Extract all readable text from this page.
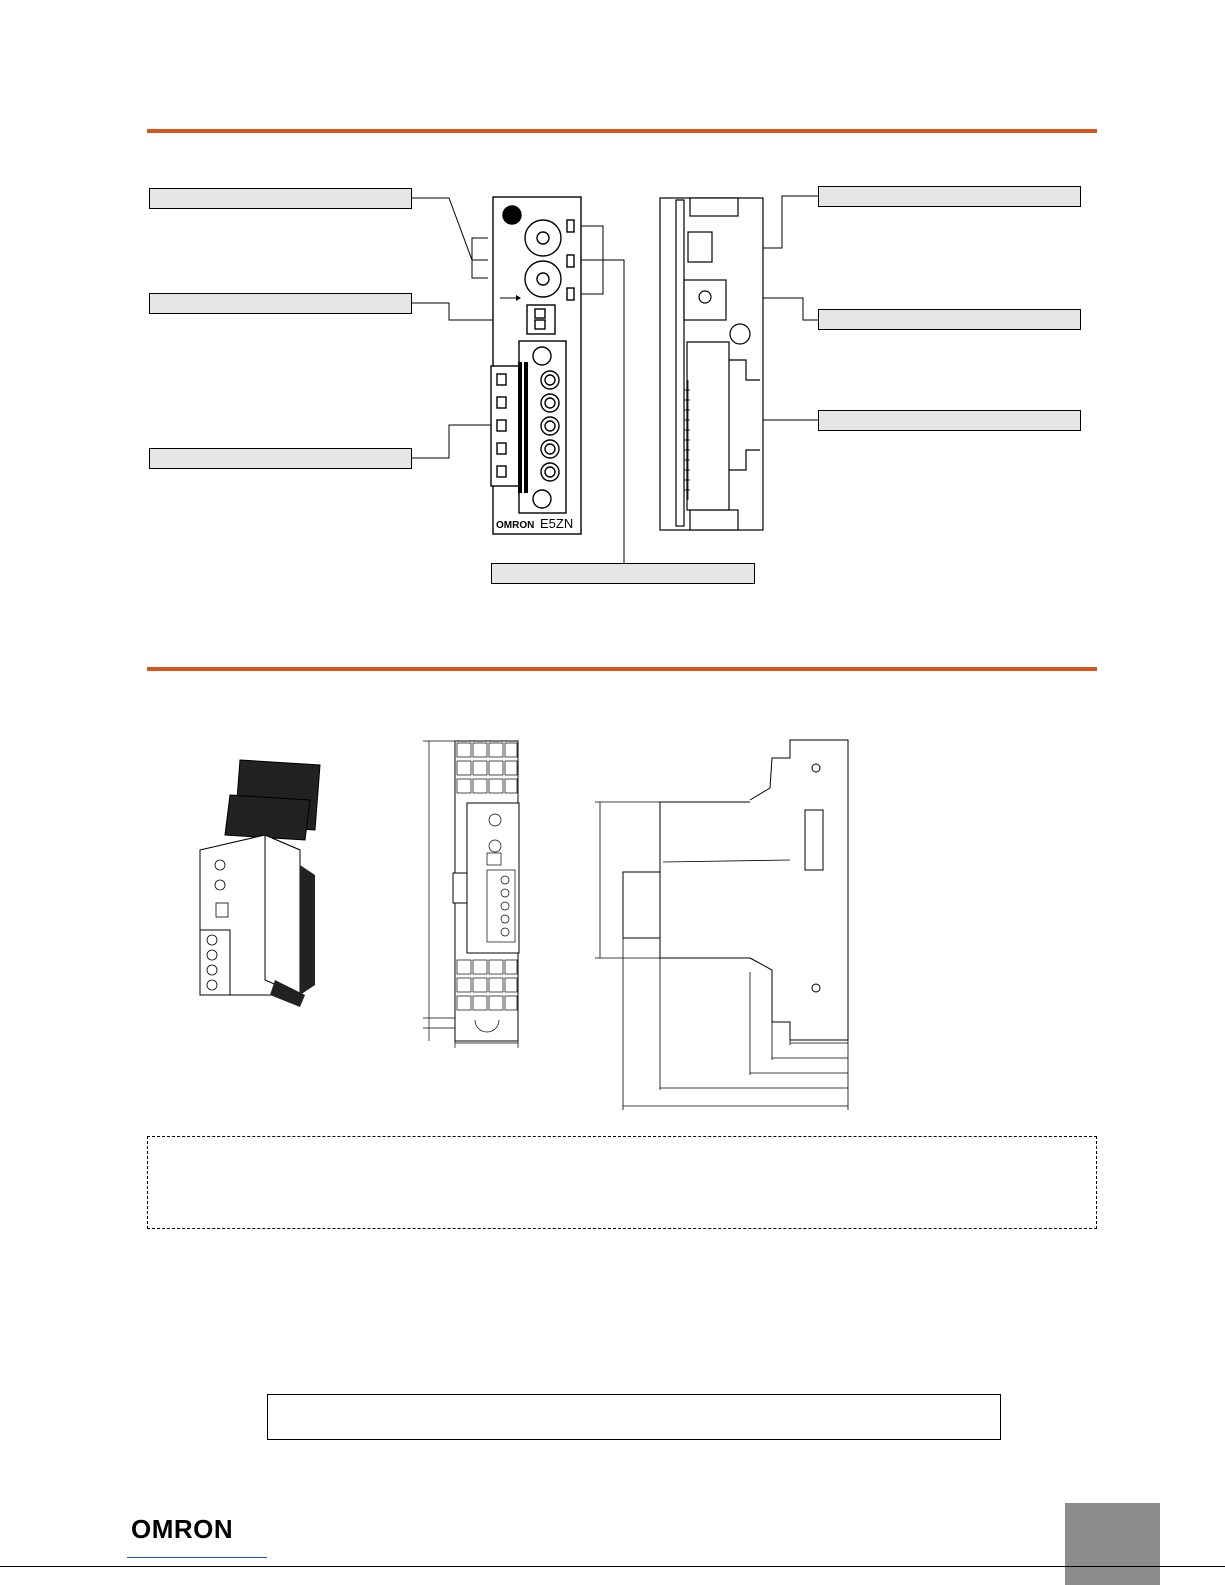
OMRON E5ZN
OMRON
